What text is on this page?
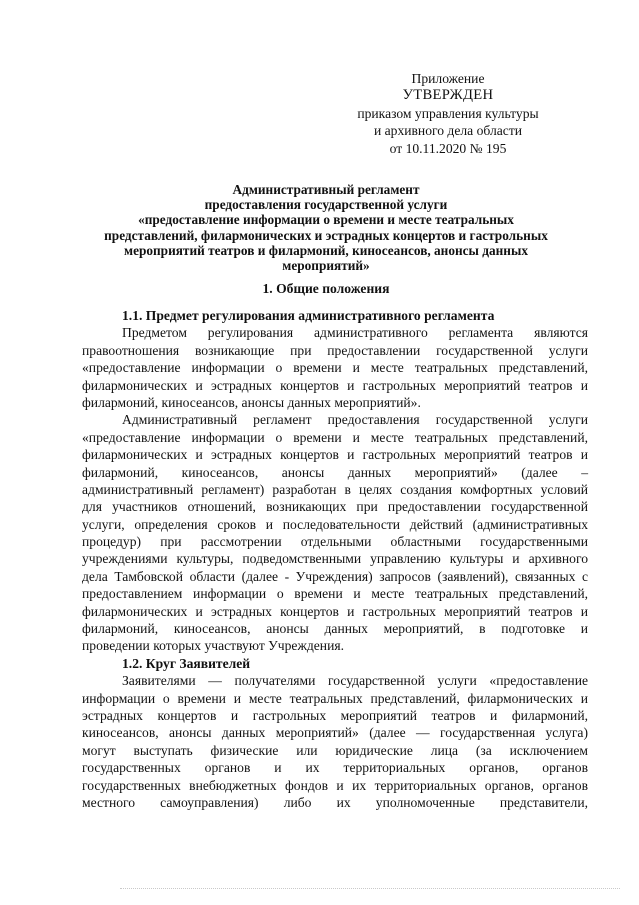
Приложение
УТВЕРЖДЕН
приказом управления культуры
и архивного дела области
от 10.11.2020 № 195
Административный регламент
предоставления государственной услуги
«предоставление информации о времени и месте театральных
представлений, филармонических и эстрадных концертов и гастрольных
мероприятий театров и филармоний, киносеансов, анонсы данных
мероприятий»
1. Общие положения
1.1. Предмет регулирования административного регламента
Предметом регулирования административного регламента являются
правоотношения возникающие при предоставлении государственной услуги
«предоставление информации о времени и месте театральных представлений,
филармонических и эстрадных концертов и гастрольных мероприятий театров и
филармоний, киносеансов, анонсы данных мероприятий».
Административный регламент предоставления государственной услуги
«предоставление информации о времени и месте театральных представлений,
филармонических и эстрадных концертов и гастрольных мероприятий театров и
филармоний, киносеансов, анонсы данных мероприятий» (далее –
административный регламент) разработан в целях создания комфортных условий
для участников отношений, возникающих при предоставлении государственной
услуги, определения сроков и последовательности действий (административных
процедур) при рассмотрении отдельными областными государственными
учреждениями культуры, подведомственными управлению культуры и архивного
дела Тамбовской области (далее - Учреждения) запросов (заявлений), связанных с
предоставлением информации о времени и месте театральных представлений,
филармонических и эстрадных концертов и гастрольных мероприятий театров и
филармоний, киносеансов, анонсы данных мероприятий, в подготовке и
проведении которых участвуют Учреждения.
1.2. Круг Заявителей
Заявителями — получателями государственной услуги «предоставление
информации о времени и месте театральных представлений, филармонических и
эстрадных концертов и гастрольных мероприятий театров и филармоний,
киносеансов, анонсы данных мероприятий» (далее — государственная услуга)
могут выступать физические или юридические лица (за исключением
государственных органов и их территориальных органов, органов
государственных внебюджетных фондов и их территориальных органов, органов
местного самоуправления) либо их уполномоченные представители,
